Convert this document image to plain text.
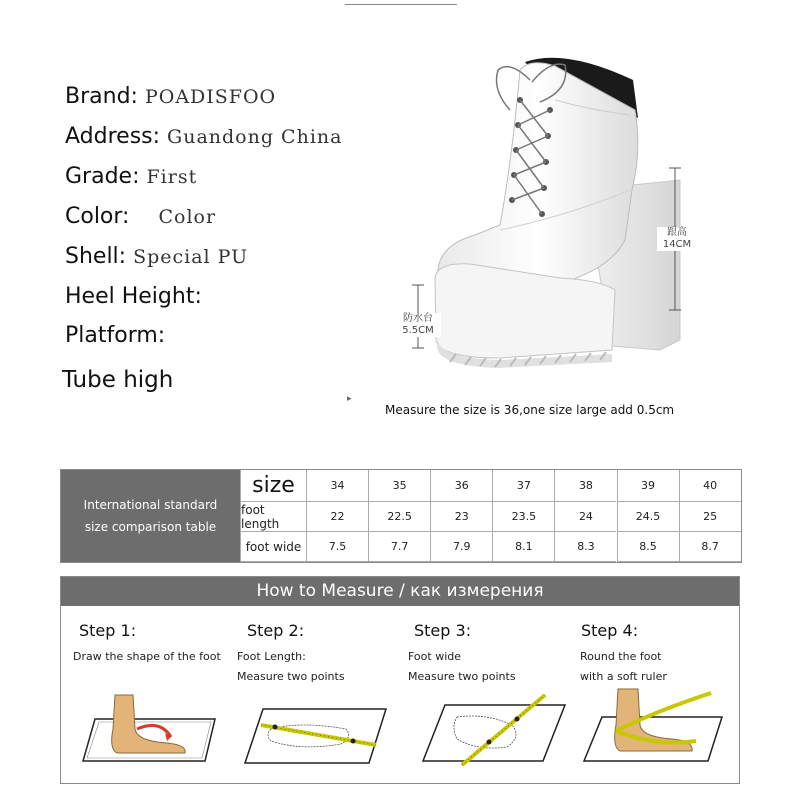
Brand: POADISFOO
Address: Guandong China
Grade: First
Color: Color
Shell: Special PU
Heel Height:
Platform:
Tube high
跟高
14CM
防水台
5.5CM
▸
Measure the size is 36,one size large add 0.5cm
International standard
size comparison table
size	34	35	36	37	38	39	40
foot length	22	22.5	23	23.5	24	24.5	25
foot wide	7.5	7.7	7.9	8.1	8.3	8.5	8.7
How to Measure / как измерения
Step 1:
Draw the shape of the foot
Step 2:
Foot Length:
Measure two points
Step 3:
Foot wide
Measure two points
Step 4:
Round the foot
with a soft ruler
